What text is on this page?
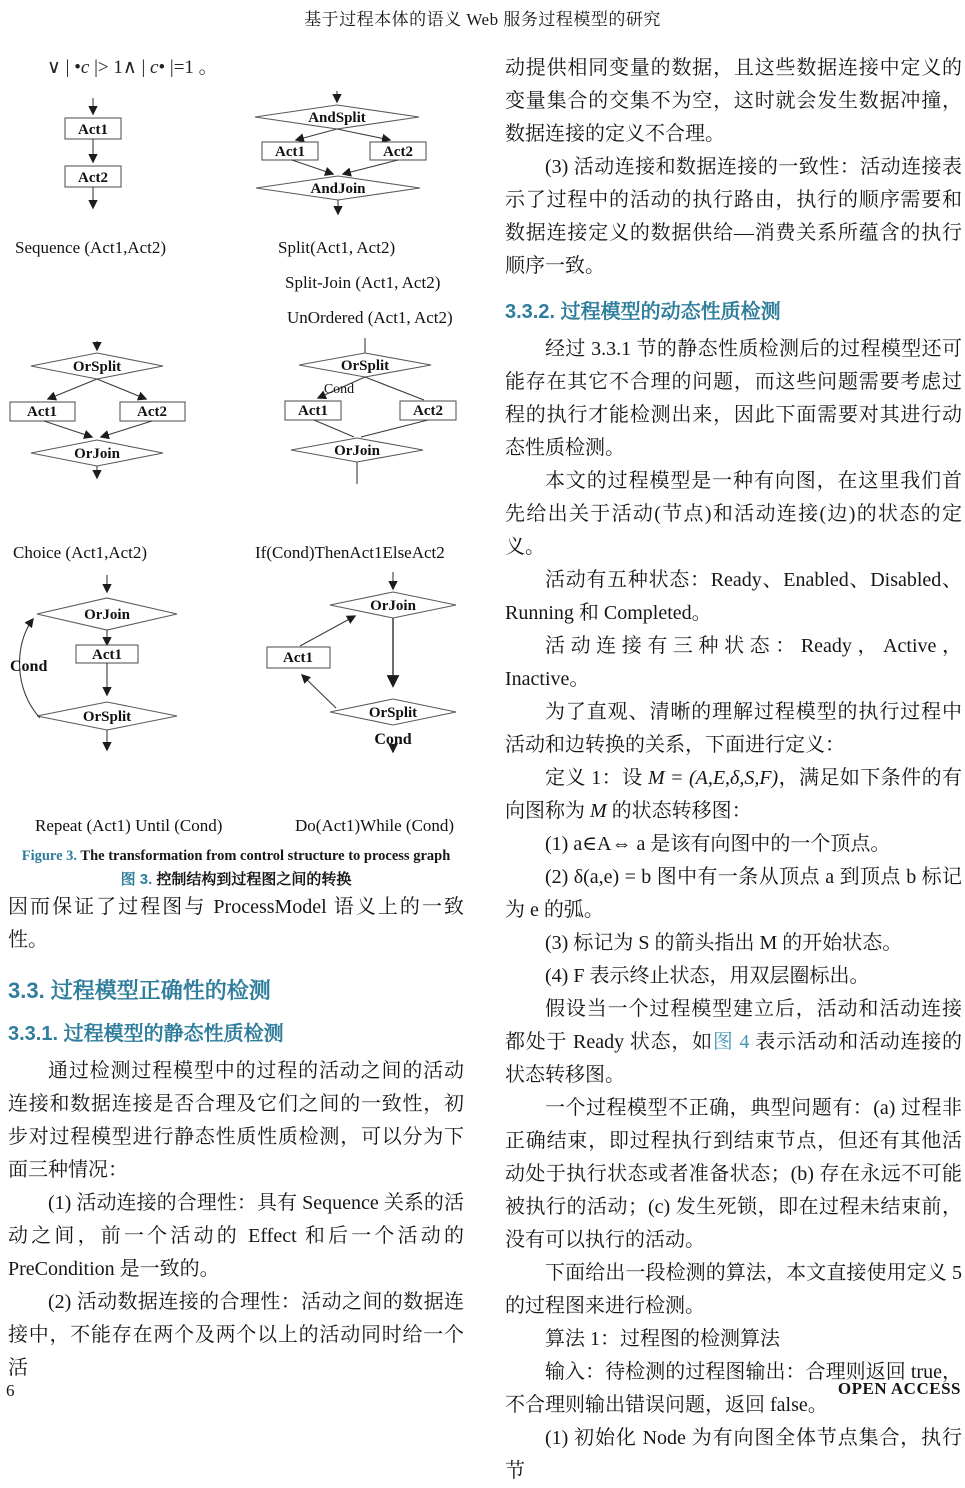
基于过程本体的语义 Web 服务过程模型的研究
∨ | •c |> 1∧ | c• |=1 。
Act1
Act2
AndSplit
Act1	Act2
AndJoin
OrSplit
Act1	Act2
OrJoin
OrSplit
Cond
Act1	Act2
OrJoin
OrJoin
Act1
OrSplit
Cond
OrJoin
OrSplit
Act1
Cond
Sequence (Act1,Act2)	Split(Act1, Act2)
Split-Join (Act1, Act2)
UnOrdered (Act1, Act2)
Choice (Act1,Act2)	If(Cond)ThenAct1ElseAct2
Repeat (Act1) Until (Cond)	Do(Act1)While (Cond)
Figure 3. The transformation from control structure to process graph
图 3. 控制结构到过程图之间的转换

因而保证了过程图与 ProcessModel 语义上的一致性。

3.3. 过程模型正确性的检测
3.3.1. 过程模型的静态性质检测

通过检测过程模型中的过程的活动之间的活动连接和数据连接是否合理及它们之间的一致性，初步对过程模型进行静态性质性质检测，可以分为下面三种情况：

(1) 活动连接的合理性：具有 Sequence 关系的活动之间，前一个活动的 Effect 和后一个活动的 PreCondition 是一致的。

(2) 活动数据连接的合理性：活动之间的数据连接中，不能存在两个及两个以上的活动同时给一个活

动提供相同变量的数据，且这些数据连接中定义的变量集合的交集不为空，这时就会发生数据冲撞，数据连接的定义不合理。

(3) 活动连接和数据连接的一致性：活动连接表示了过程中的活动的执行路由，执行的顺序需要和数据连接定义的数据供给—消费关系所蕴含的执行顺序一致。

3.3.2. 过程模型的动态性质检测

经过 3.3.1 节的静态性质检测后的过程模型还可能存在其它不合理的问题，而这些问题需要考虑过程的执行才能检测出来，因此下面需要对其进行动态性质检测。

本文的过程模型是一种有向图，在这里我们首先给出关于活动(节点)和活动连接(边)的状态的定义。

活动有五种状态：Ready、Enabled、Disabled、Running 和 Completed。

活动连接有三种状态：Ready，Active，Inactive。

为了直观、清晰的理解过程模型的执行过程中活动和边转换的关系，下面进行定义：

定义 1：设 M = (A,E,δ,S,F)，满足如下条件的有向图称为 M 的状态转移图：

(1) a∈A⇔ a 是该有向图中的一个顶点。

(2) δ(a,e) = b 图中有一条从顶点 a 到顶点 b 标记为 e 的弧。

(3) 标记为 S 的箭头指出 M 的开始状态。

(4) F 表示终止状态，用双层圈标出。

假设当一个过程模型建立后，活动和活动连接都处于 Ready 状态，如图 4 表示活动和活动连接的状态转移图。

一个过程模型不正确，典型问题有：(a) 过程非正确结束，即过程执行到结束节点，但还有其他活动处于执行状态或者准备状态；(b) 存在永远不可能被执行的活动；(c) 发生死锁，即在过程未结束前，没有可以执行的活动。

下面给出一段检测的算法，本文直接使用定义 5 的过程图来进行检测。

算法 1：过程图的检测算法

输入：待检测的过程图输出：合理则返回 true，不合理则输出错误问题，返回 false。

(1) 初始化 Node 为有向图全体节点集合，执行节

6	OPEN ACCESS
